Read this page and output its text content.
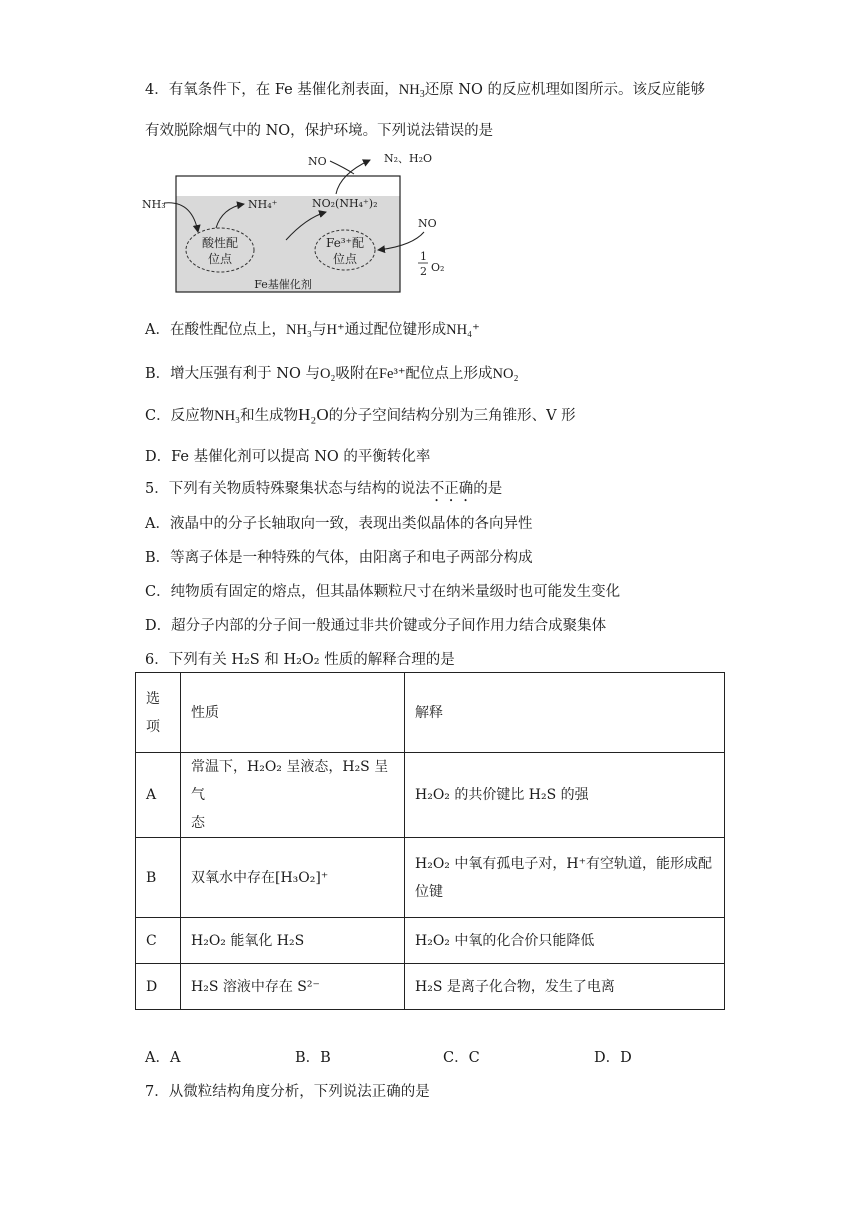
4．有氧条件下，在 Fe 基催化剂表面，$NH_3$还原 NO 的反应机理如图所示。该反应能够
有效脱除烟气中的 NO，保护环境。下列说法错误的是
酸性配
位点
Fe³⁺配
位点
NH₃	NH₄⁺	NO₂(NH₄⁺)₂
NO	N₂、H₂O
NO
1
2 O₂
Fe基催化剂
A．在酸性配位点上，NH₃与H⁺通过配位键形成NH₄⁺
B．增大压强有利于 NO 与O₂吸附在Fe³⁺配位点上形成NO₂
C．反应物NH₃和生成物H₂O的分子空间结构分别为三角锥形、V 形
D．Fe 基催化剂可以提高 NO 的平衡转化率
5．下列有关物质特殊聚集状态与结构的说法不正确的是
A．液晶中的分子长轴取向一致，表现出类似晶体的各向异性
B．等离子体是一种特殊的气体，由阳离子和电子两部分构成
C．纯物质有固定的熔点，但其晶体颗粒尺寸在纳米量级时也可能发生变化
D．超分子内部的分子间一般通过非共价键或分子间作用力结合成聚集体
6．下列有关 H₂S 和 H₂O₂ 性质的解释合理的是
选
项	性质	解释
A	常温下，H₂O₂ 呈液态，H₂S 呈气
态	H₂O₂ 的共价键比 H₂S 的强
B	双氧水中存在[H₃O₂]⁺	H₂O₂ 中氧有孤电子对，H⁺有空轨道，能形成配
位键

C	H₂O₂ 能氧化 H₂S	H₂O₂ 中氧的化合价只能降低
D	H₂S 溶液中存在 S²⁻	H₂S 是离子化合物，发生了电离
A．A	B．B	C．C	D．D
7．从微粒结构角度分析，下列说法正确的是
